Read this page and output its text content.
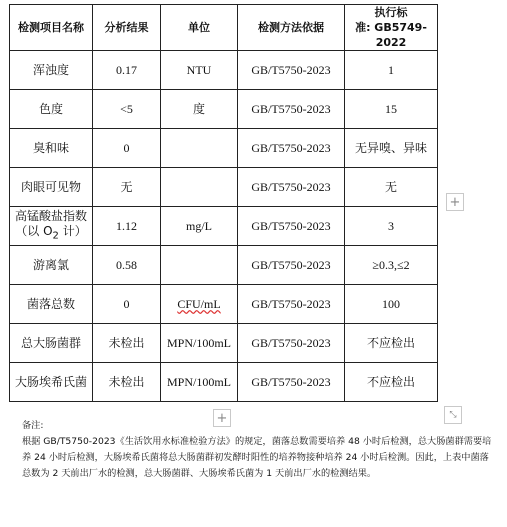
检测项目名称	分析结果	单位	检测方法依据	执行标
准: GB5749-2022

浑浊度	0.17	NTU	GB/T5750-2023	1
色度	<5	度	GB/T5750-2023	15
臭和味	0		GB/T5750-2023	无异嗅、异味
肉眼可见物	无		GB/T5750-2023	无

高锰酸盐指数
（以 $O_2$ 计）	1.12	mg/L	GB/T5750-2023	3
游离氯	0.58		GB/T5750-2023	≥0.3,≤2
菌落总数	0	CFU/mL	GB/T5750-2023	100
总大肠菌群	未检出	MPN/100mL	GB/T5750-2023	不应检出
大肠埃希氏菌	未检出	MPN/100mL	GB/T5750-2023	不应检出
+
+	⤡
备注:
根据 GB/T5750-2023《生活饮用水标准检验方法》的规定，菌落总数需要培养 48 小时后检测，总大肠菌群需要培养 24 小时后检测，大肠埃希氏菌将总大肠菌群初发酵时阳性的培养物接种培养 24 小时后检测。因此，上表中菌落总数为 2 天前出厂水的检测，总大肠菌群、大肠埃希氏菌为 1 天前出厂水的检测结果。
